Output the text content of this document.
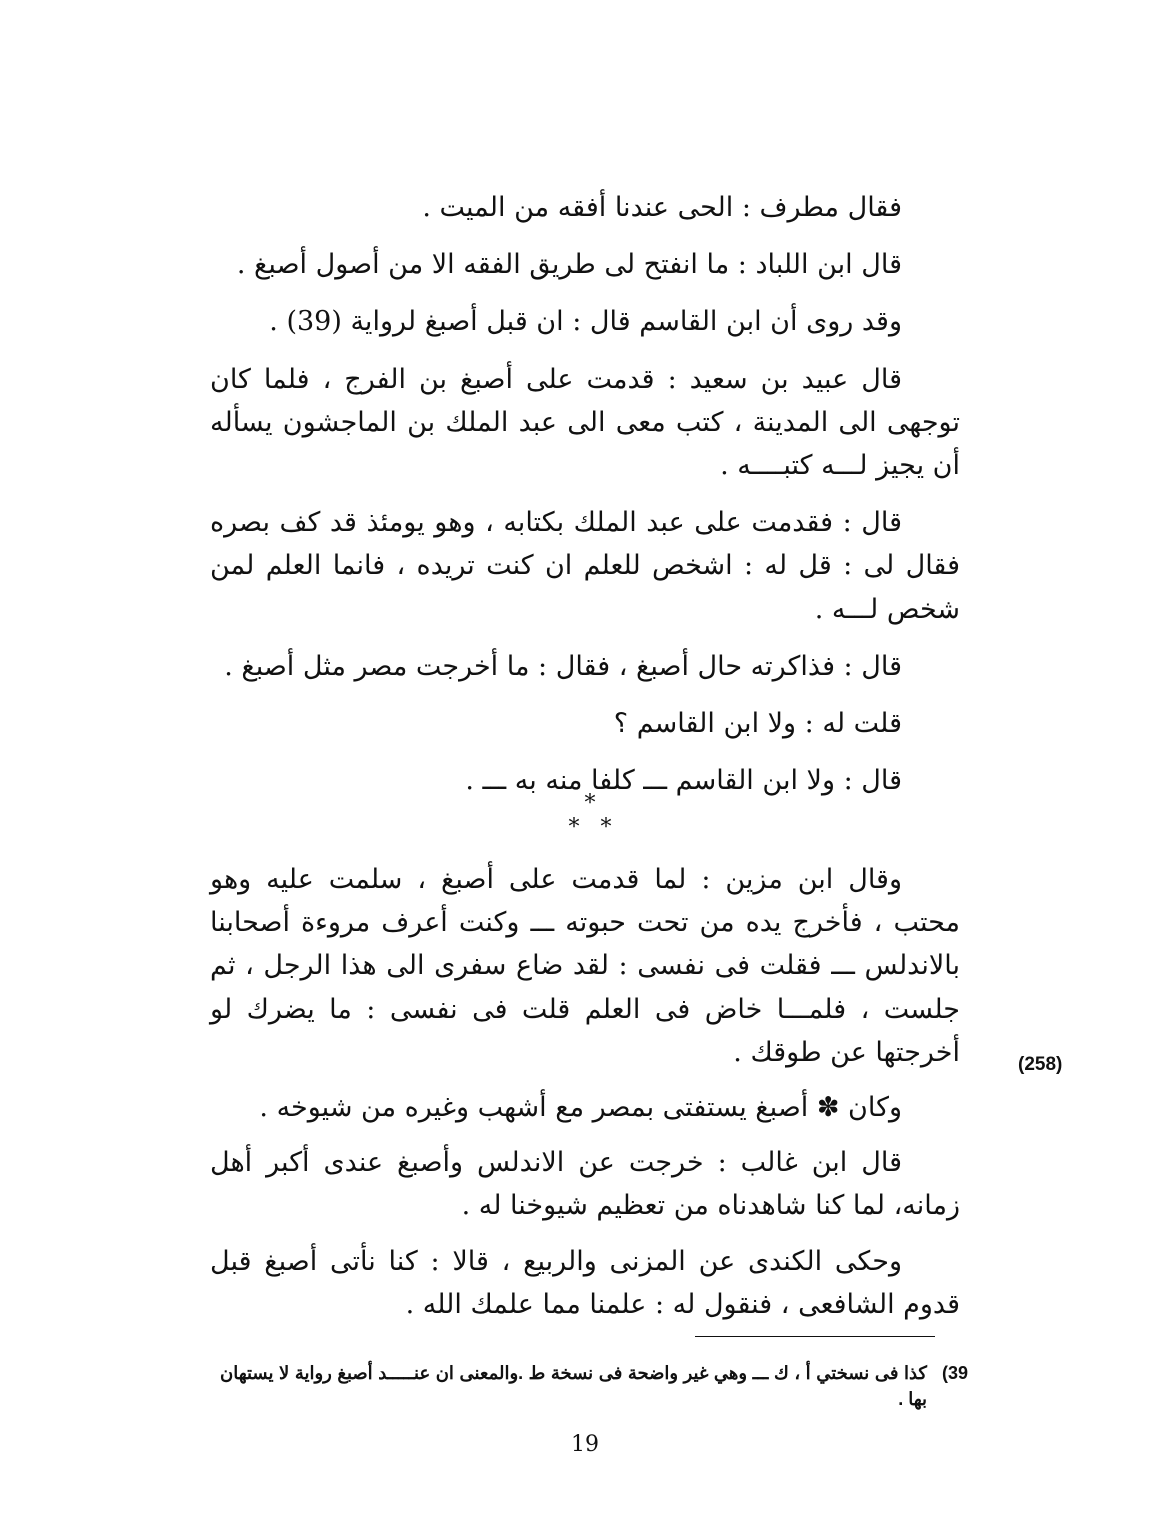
فقال مطرف : الحى عندنا أفقه من الميت .

قال ابن اللباد : ما انفتح لى طريق الفقه الا من أصول أصبغ .

وقد روى أن ابن القاسم قال : ان قبل أصبغ لرواية (39) .

قال عبيد بن سعيد : قدمت على أصبغ بن الفرج ، فلما كان توجهى الى المدينة ، كتب معى الى عبد الملك بن الماجشون يسأله أن يجيز لـــه كتبــــه .

قال : فقدمت على عبد الملك بكتابه ، وهو يومئذ قد كف بصره فقال لى : قل له : اشخص للعلم ان كنت تريده ، فانما العلم لمن شخص لـــه .

قال : فذاكرته حال أصبغ ، فقال : ما أخرجت مصر مثل أصبغ .

قلت له : ولا ابن القاسم ؟

قال : ولا ابن القاسم ـــ كلفا منه به ـــ .

*
*   *

وقال ابن مزين : لما قدمت على أصبغ ، سلمت عليه وهو محتب ، فأخرج يده من تحت حبوته ـــ وكنت أعرف مروءة أصحابنا بالاندلس ـــ فقلت فى نفسى : لقد ضاع سفرى الى هذا الرجل ، ثم جلست ، فلمـــا خاض فى العلم قلت فى نفسى : ما يضرك لو أخرجتها عن طوقك .

وكان ✽ أصبغ يستفتى بمصر مع أشهب وغيره من شيوخه .

قال ابن غالب : خرجت عن الاندلس وأصبغ عندى أكبر أهل زمانه، لما كنا شاهدناه من تعظيم شيوخنا له .

وحكى الكندى عن المزنى والربيع ، قالا : كنا نأتى أصبغ قبل قدوم الشافعى ، فنقول له : علمنا مما علمك الله .

(258)
(39
كذا فى نسختي أ ، ك ـــ وهي غير واضحة فى نسخة ط .والمعنى ان عنـــــد أصبغ رواية لا يستهان بها .
19
